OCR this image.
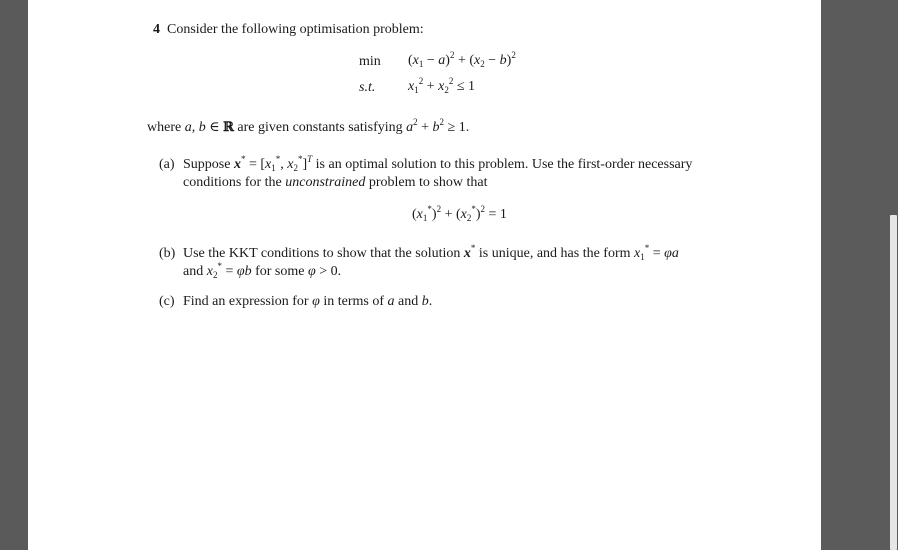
4 Consider the following optimisation problem:
$\min (x_1 - a)^2 + (x_2 - b)^2$
s.t. $x_1^2 + x_2^2 \le 1$
where a, b ∈ ℝ are given constants satisfying $a^2 + b^2 \ge 1$.
(a) Suppose $x^* = [x_1^*$, $x_2^*]^T$ is an optimal solution to this problem. Use the first-order necessary
conditions for the unconstrained problem to show that
$(x_1^*)^2 + (x_2^*)^2 = 1$
(b) Use the KKT conditions to show that the solution x* is unique, and has the form $x_1^* = \varphi a$
and $x_2^* = \varphi b$ for some φ > 0.
(c) Find an expression for φ in terms of a and b.
